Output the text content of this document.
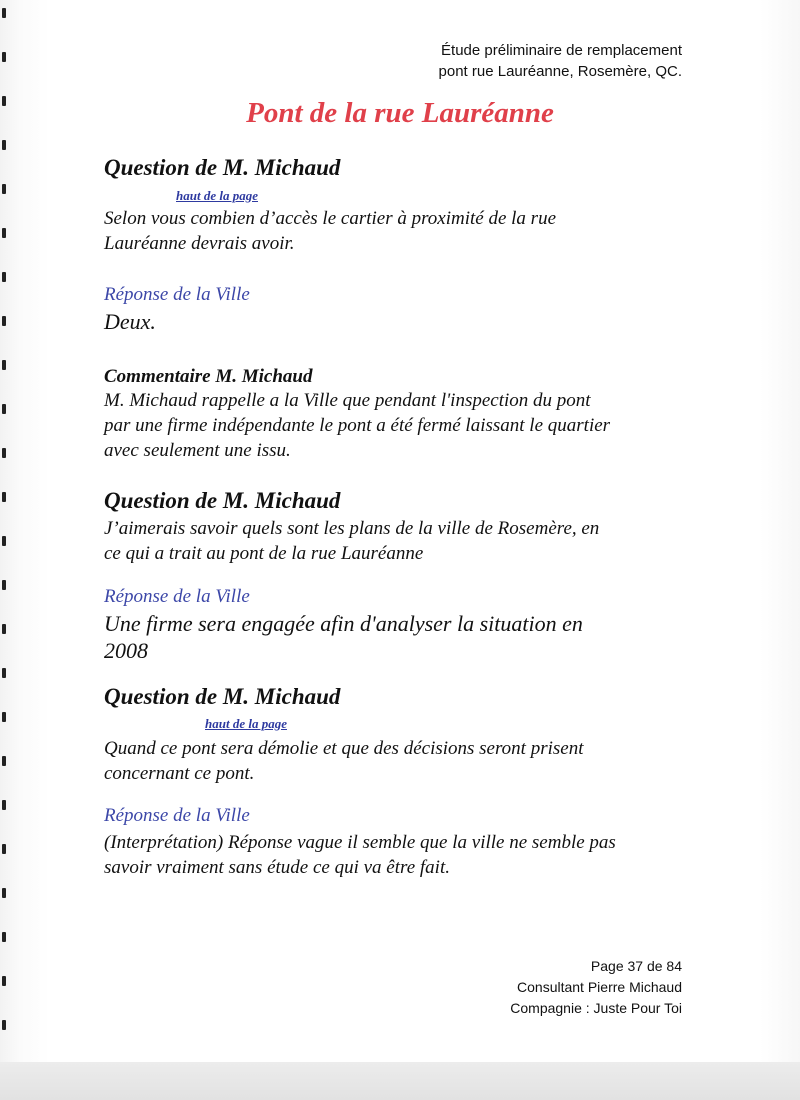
Étude préliminaire de remplacement
pont rue Lauréanne, Rosemère, QC.
Pont de la rue Lauréanne
Question de M. Michaud
haut de la page
Selon vous combien d’accès le cartier à proximité de la rue
Lauréanne devrais avoir.
Réponse de la Ville
Deux.
Commentaire M. Michaud
M. Michaud rappelle a la Ville que pendant l'inspection du pont
par une firme indépendante le pont a été fermé laissant le quartier
avec seulement une issu.
Question de M. Michaud
J’aimerais savoir quels sont les plans de la ville de Rosemère, en
ce qui a trait au pont de la rue Lauréanne
Réponse de la Ville
Une firme sera engagée afin d'analyser la situation en
2008
Question de M. Michaud
haut de la page
Quand ce pont sera démolie et que des décisions seront prisent
concernant ce pont.
Réponse de la Ville
(Interprétation) Réponse vague il semble que la ville ne semble pas
savoir vraiment sans étude ce qui va être fait.
Page 37 de 84
Consultant Pierre Michaud
Compagnie : Juste Pour Toi
